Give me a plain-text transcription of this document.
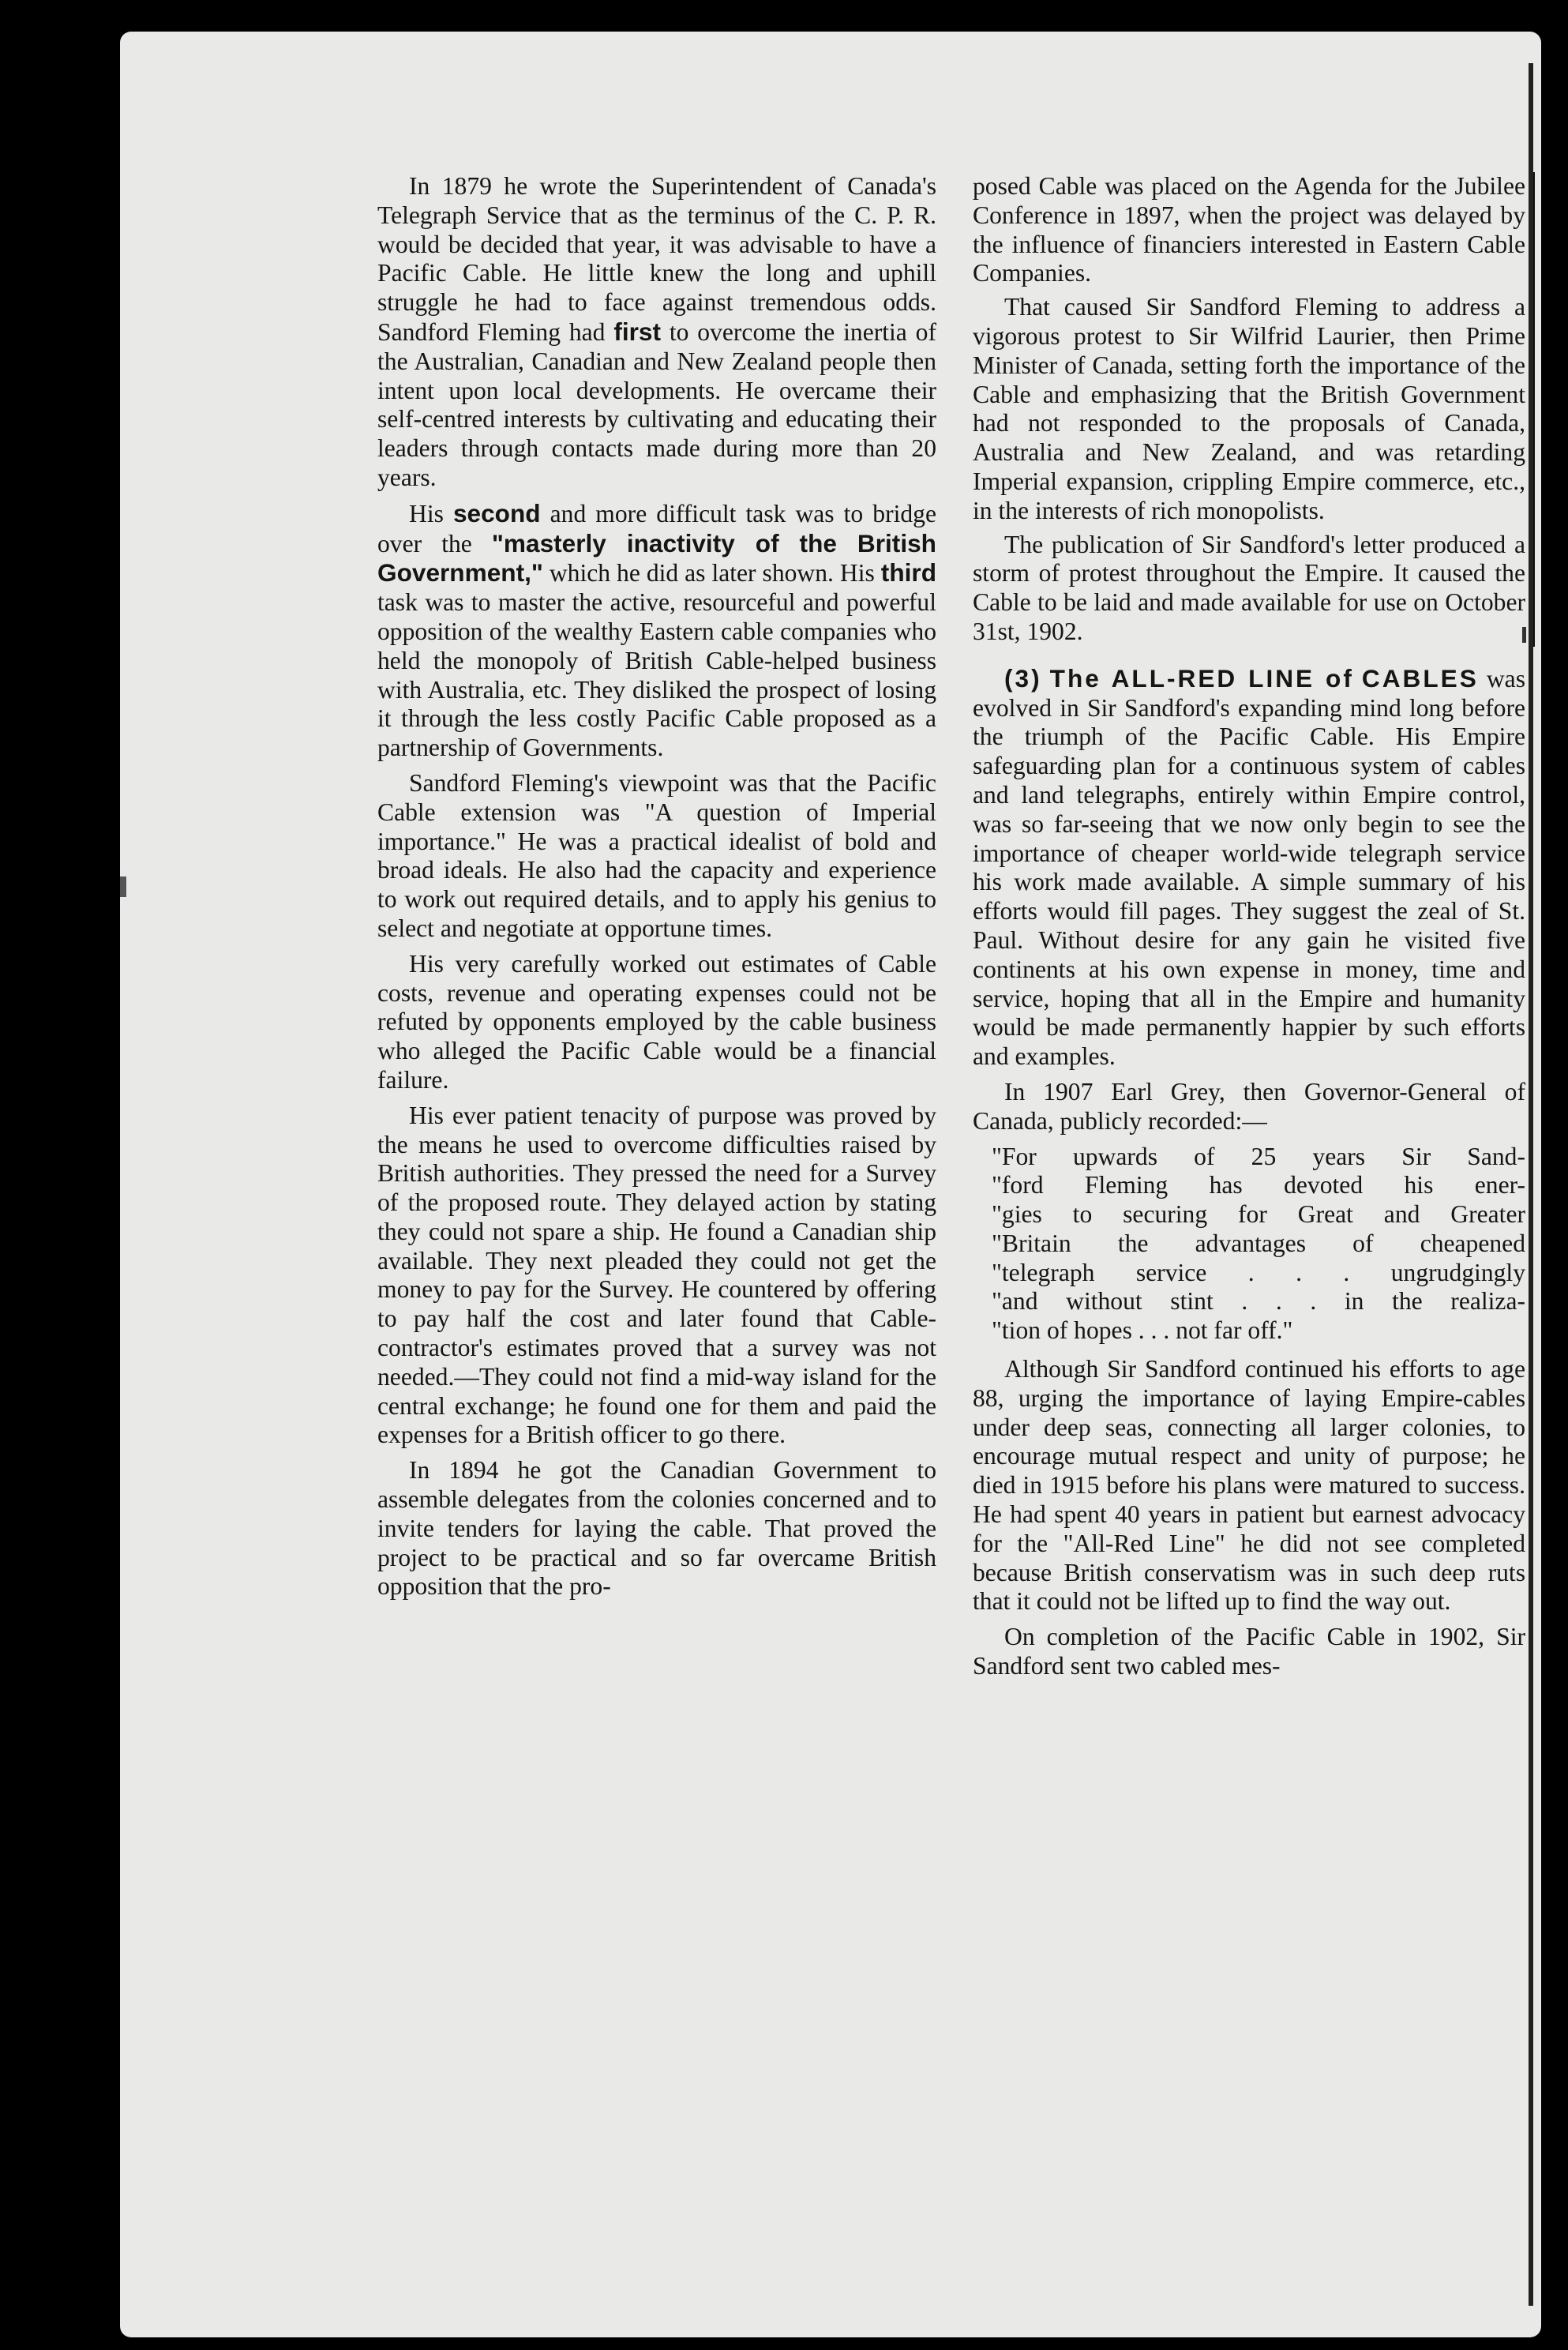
In 1879 he wrote the Superintendent of Canada's Telegraph Service that as the terminus of the C. P. R. would be decided that year, it was advisable to have a Pacific Cable. He little knew the long and uphill struggle he had to face against tremendous odds. Sandford Fleming had first to overcome the inertia of the Australian, Canadian and New Zealand people then intent upon local developments. He overcame their self-centred interests by cultivating and educating their leaders through contacts made during more than 20 years.

His second and more difficult task was to bridge over the "masterly inactivity of the British Government," which he did as later shown. His third task was to master the active, resourceful and powerful opposition of the wealthy Eastern cable companies who held the monopoly of British Cable-helped business with Australia, etc. They disliked the prospect of losing it through the less costly Pacific Cable proposed as a partnership of Governments.

Sandford Fleming's viewpoint was that the Pacific Cable extension was "A question of Imperial importance." He was a practical idealist of bold and broad ideals. He also had the capacity and experience to work out required details, and to apply his genius to select and negotiate at opportune times.

His very carefully worked out estimates of Cable costs, revenue and operating expenses could not be refuted by opponents employed by the cable business who alleged the Pacific Cable would be a financial failure.

His ever patient tenacity of purpose was proved by the means he used to overcome difficulties raised by British authorities. They pressed the need for a Survey of the proposed route. They delayed action by stating they could not spare a ship. He found a Canadian ship available. They next pleaded they could not get the money to pay for the Survey. He countered by offering to pay half the cost and later found that Cable-contractor's estimates proved that a survey was not needed.—They could not find a mid-way island for the central exchange; he found one for them and paid the expenses for a British officer to go there.

In 1894 he got the Canadian Government to assemble delegates from the colonies concerned and to invite tenders for laying the cable. That proved the project to be practical and so far overcame British opposition that the pro-

posed Cable was placed on the Agenda for the Jubilee Conference in 1897, when the project was delayed by the influence of financiers interested in Eastern Cable Companies.

That caused Sir Sandford Fleming to address a vigorous protest to Sir Wilfrid Laurier, then Prime Minister of Canada, setting forth the importance of the Cable and emphasizing that the British Government had not responded to the proposals of Canada, Australia and New Zealand, and was retarding Imperial expansion, crippling Empire commerce, etc., in the interests of rich monopolists.

The publication of Sir Sandford's letter produced a storm of protest throughout the Empire. It caused the Cable to be laid and made available for use on October 31st, 1902.

(3) The ALL-RED LINE of CABLES was evolved in Sir Sandford's expanding mind long before the triumph of the Pacific Cable. His Empire safeguarding plan for a continuous system of cables and land telegraphs, entirely within Empire control, was so far-seeing that we now only begin to see the importance of cheaper world-wide telegraph service his work made available. A simple summary of his efforts would fill pages. They suggest the zeal of St. Paul. Without desire for any gain he visited five continents at his own expense in money, time and service, hoping that all in the Empire and humanity would be made permanently happier by such efforts and examples.

In 1907 Earl Grey, then Governor-General of Canada, publicly recorded:—

"For upwards of 25 years Sir Sand-
"ford Fleming has devoted his ener-
"gies to securing for Great and Greater
"Britain the advantages of cheapened
"telegraph service . . . ungrudgingly
"and without stint . . . in the realiza-
"tion of hopes . . . not far off."

Although Sir Sandford continued his efforts to age 88, urging the importance of laying Empire-cables under deep seas, connecting all larger colonies, to encourage mutual respect and unity of purpose; he died in 1915 before his plans were matured to success. He had spent 40 years in patient but earnest advocacy for the "All-Red Line" he did not see completed because British conservatism was in such deep ruts that it could not be lifted up to find the way out.

On completion of the Pacific Cable in 1902, Sir Sandford sent two cabled mes-
